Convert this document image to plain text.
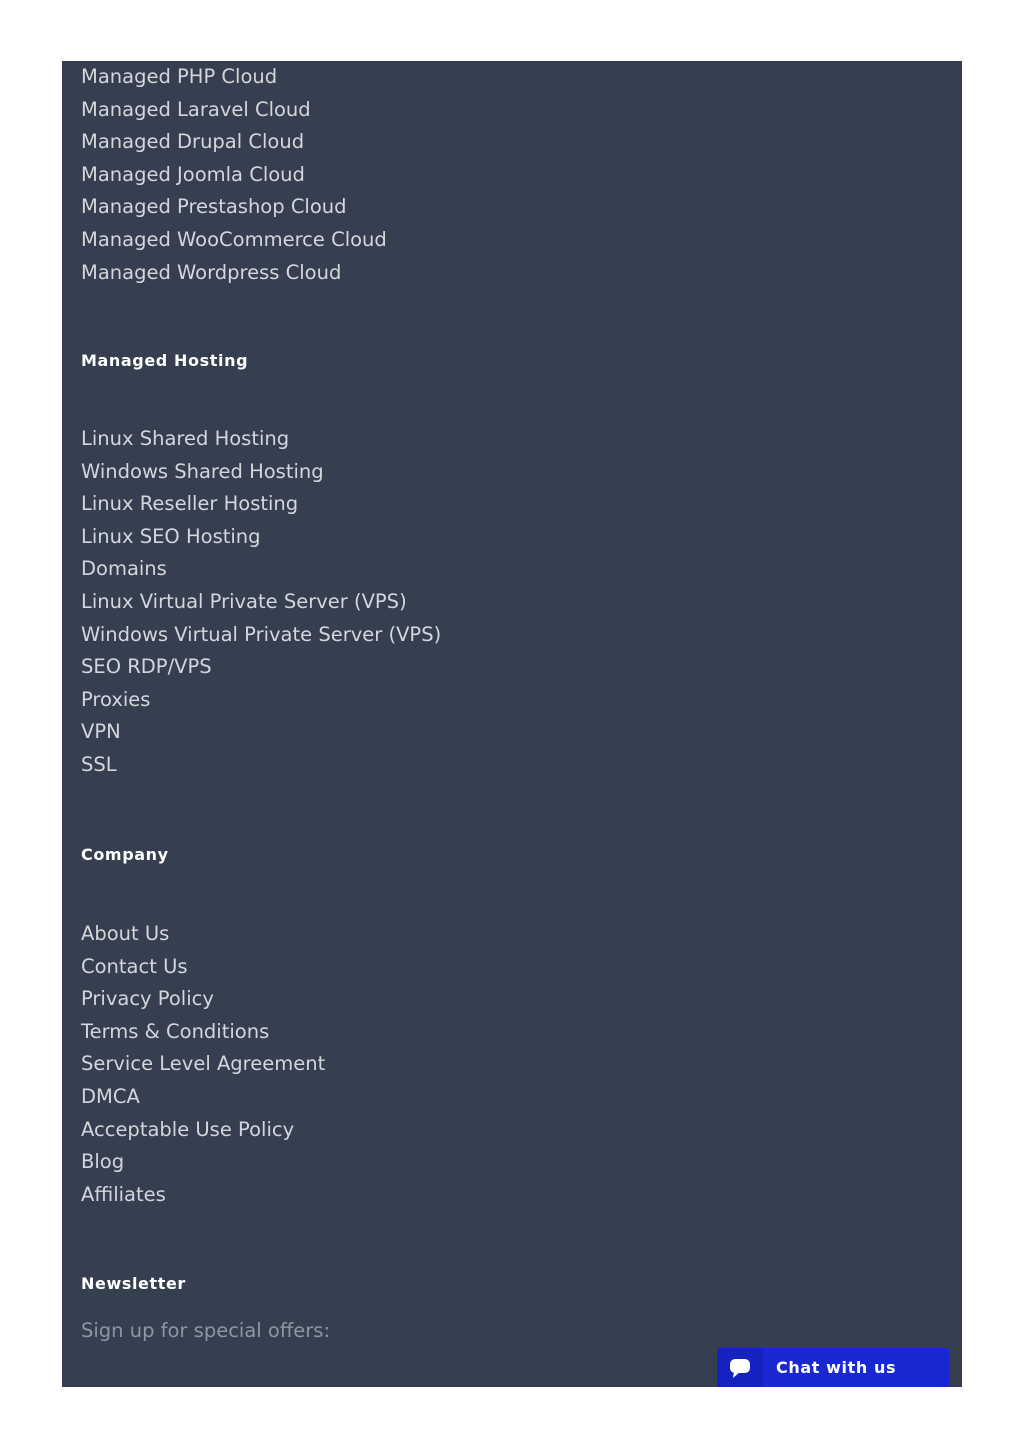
Managed PHP Cloud
Managed Laravel Cloud
Managed Drupal Cloud
Managed Joomla Cloud
Managed Prestashop Cloud
Managed WooCommerce Cloud
Managed Wordpress Cloud
Managed Hosting
Linux Shared Hosting
Windows Shared Hosting
Linux Reseller Hosting
Linux SEO Hosting
Domains
Linux Virtual Private Server (VPS)
Windows Virtual Private Server (VPS)
SEO RDP/VPS
Proxies
VPN
SSL
Company
About Us
Contact Us
Privacy Policy
Terms & Conditions
Service Level Agreement
DMCA
Acceptable Use Policy
Blog
Affiliates
Newsletter

Sign up for special offers:

Chat with us
